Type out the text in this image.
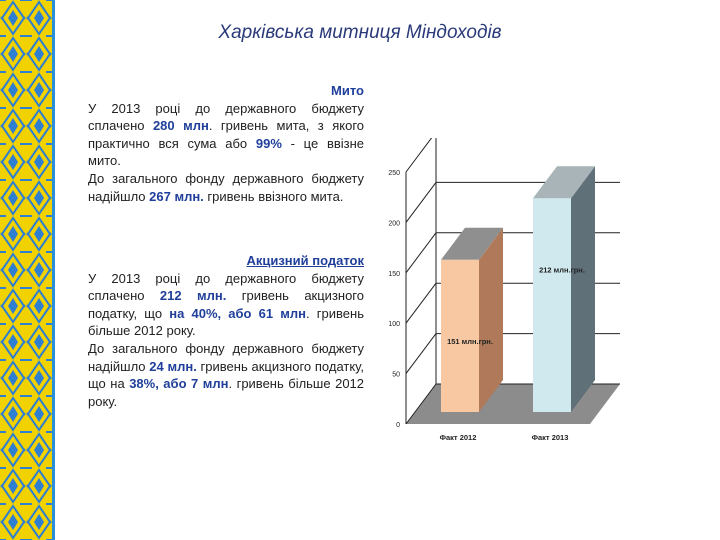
Харківська митниця Міндоходів
Мито
У 2013 році до державного бюджету сплачено 280 млн. гривень мита, з якого практично вся сума або 99% - це ввізне мито.
До загального фонду державного бюджету надійшло 267 млн. гривень ввізного мита.
Акцизний податок
У 2013 році до державного бюджету сплачено 212 млн. гривень акцизного податку, що на 40%, або 61 млн. гривень більше 2012 року.
До загального фонду державного бюджету надійшло 24 млн. гривень акцизного податку, що на 38%, або 7 млн. гривень більше 2012 року.
0
50
100
150
200
250
151 млн.грн.
Факт 2012
212 млн.грн.
Факт 2013
